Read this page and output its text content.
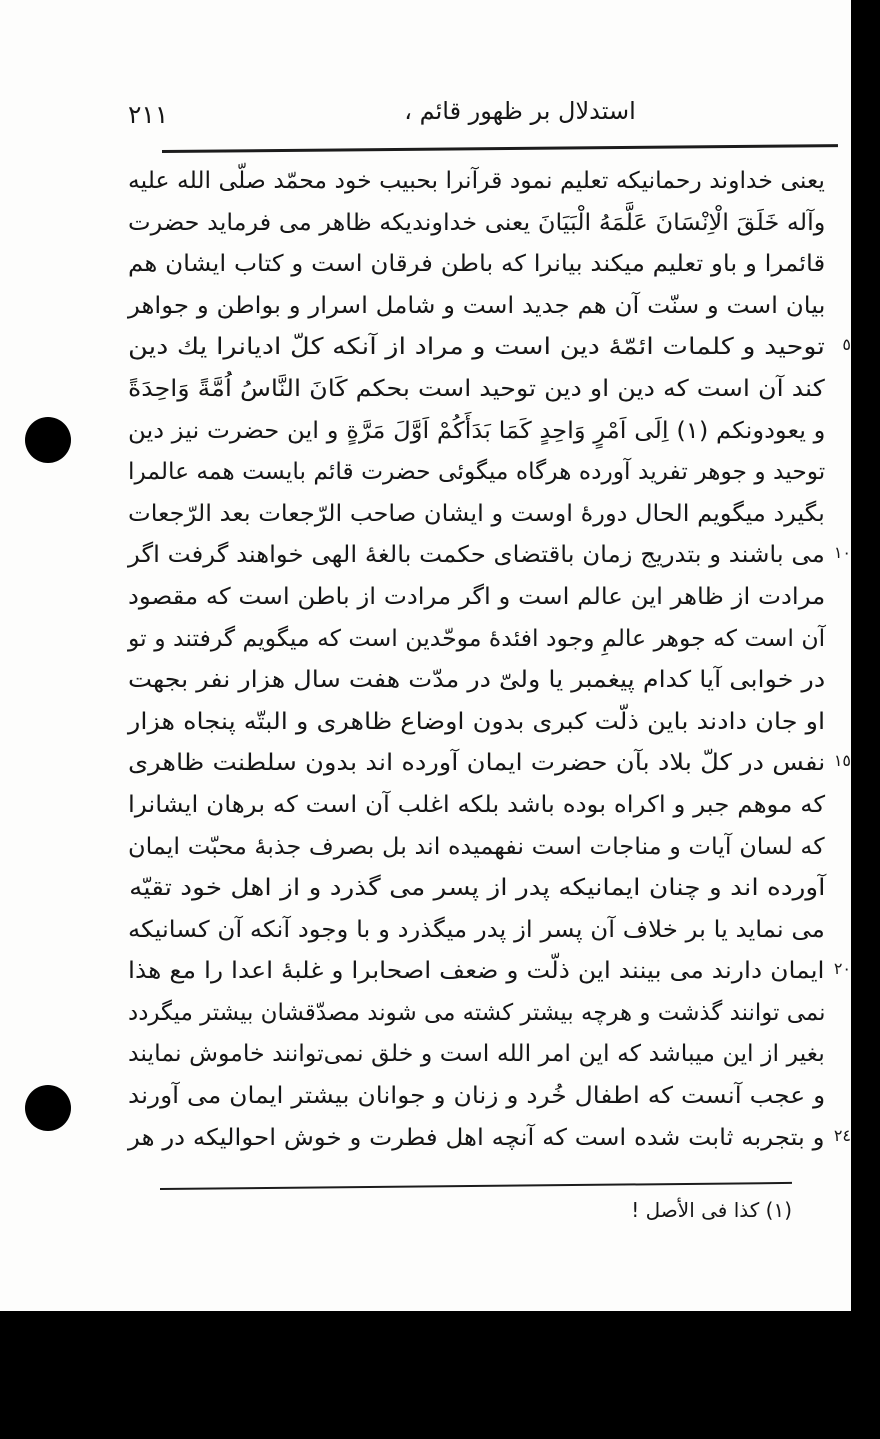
٢١١	استدلال بر ظهور قائم ،
يعنى خداوند رحمانيكه تعليم نمود قرآنرا بحبيب خود محمّد صلّى الله عليه
وآله خَلَقَ الْاِنْسَانَ عَلَّمَهُ الْبَيَانَ يعنى خداونديكه ظاهر مى فرمايد حضرت
قائمرا و باو تعليم ميكند بيانرا كه باطن فرقان است و كتاب ايشان هم
بيان است و سنّت آن هم جديد است و شامل اسرار و بواطن و جواهر
٥
توحيد و كلمات ائمّهٔ دين است و مراد از آنكه كلّ اديانرا يك دين
كند آن است كه دين او دين توحيد است بحكم كَانَ النَّاسُ اُمَّةً وَاحِدَةً
و يعودونكم (١) اِلَى اَمْرٍ وَاحِدٍ كَمَا بَدَأَكُمْ اَوَّلَ مَرَّةٍ و اين حضرت نيز دين
توحيد و جوهر تفريد آورده هرگاه ميگوئى حضرت قائم بايست همه عالمرا
بگيرد ميگويم الحال دورهٔ اوست و ايشان صاحب الرّجعات بعد الرّجعات
١٠
مى باشند و بتدريج زمان باقتضاى حكمت بالغهٔ الهى خواهند گرفت اگر
مرادت از ظاهر اين عالم است و اگر مرادت از باطن است كه مقصود
آن است كه جوهر عالمِ وجود افئدهٔ موحّدين است كه ميگويم گرفتند و تو
در خوابى آيا كدام پيغمبر يا ولىّ در مدّت هفت سال هزار نفر بجهت
او جان دادند باين ذلّت كبرى بدون اوضاع ظاهرى و البتّه پنجاه هزار
١٥
نفس در كلّ بلاد بآن حضرت ايمان آورده اند بدون سلطنت ظاهرى
كه موهم جبر و اكراه بوده باشد بلكه اغلب آن است كه برهان ايشانرا
كه لسان آيات و مناجات است نفهميده اند بل بصرف جذبهٔ محبّت ايمان
آورده اند و چنان ايمانيكه پدر از پسر مى گذرد و از اهل خود تقيّه
مى نمايد يا بر خلاف آن پسر از پدر ميگذرد و با وجود آنكه آن كسانيكه
٢٠
ايمان دارند مى بينند اين ذلّت و ضعف اصحابرا و غلبهٔ اعدا را مع هذا
نمى توانند گذشت و هرچه بيشتر كشته مى شوند مصدّقشان بيشتر ميگردد
بغير از اين ميباشد كه اين امر الله است و خلق نمى‌توانند خاموش نمايند
و عجب آنست كه اطفال خُرد و زنان و جوانان بيشتر ايمان مى آورند
٢٤
و بتجربه ثابت شده است كه آنچه اهل فطرت و خوش احواليكه در هر
(١) كذا فى الأصل !
